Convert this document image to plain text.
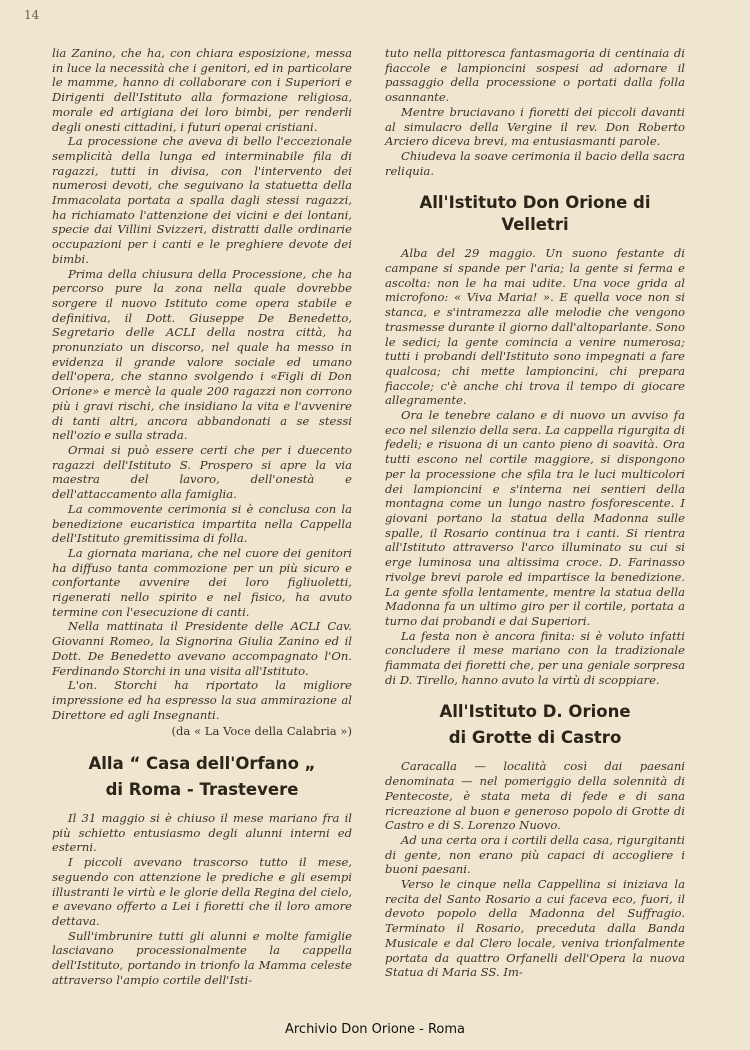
14

lia Zanino, che ha, con chiara esposizione, messa in luce la necessità che i genitori, ed in particolare le mamme, hanno di collaborare con i Superiori e Dirigenti dell'Istituto alla formazione religiosa, morale ed artigiana dei loro bimbi, per renderli degli onesti cittadini, i futuri operai cristiani.

La processione che aveva di bello l'eccezionale semplicità della lunga ed interminabile fila di ragazzi, tutti in divisa, con l'intervento dei numerosi devoti, che seguivano la statuetta della Immacolata portata a spalla dagli stessi ragazzi, ha richiamato l'attenzione dei vicini e dei lontani, specie dai Villini Svizzeri, distratti dalle ordinarie occupazioni per i canti e le preghiere devote dei bimbi.

Prima della chiusura della Processione, che ha percorso pure la zona nella quale dovrebbe sorgere il nuovo Istituto come opera stabile e definitiva, il Dott. Giuseppe De Benedetto, Segretario delle ACLI della nostra città, ha pronunziato un discorso, nel quale ha messo in evidenza il grande valore sociale ed umano dell'opera, che stanno svolgendo i «Figli di Don Orione» e mercè la quale 200 ragazzi non corrono più i gravi rischi, che insidiano la vita e l'avvenire di tanti altri, ancora abbandonati a se stessi nell'ozio e sulla strada.

Ormai si può essere certi che per i duecento ragazzi dell'Istituto S. Prospero si apre la via maestra del lavoro, dell'onestà e dell'attaccamento alla famiglia.

La commovente cerimonia si è conclusa con la benedizione eucaristica impartita nella Cappella dell'Istituto gremitissima di folla.

La giornata mariana, che nel cuore dei genitori ha diffuso tanta commozione per un più sicuro e confortante avvenire dei loro figliuoletti, rigenerati nello spirito e nel fisico, ha avuto termine con l'esecuzione di canti.

Nella mattinata il Presidente delle ACLI Cav. Giovanni Romeo, la Signorina Giulia Zanino ed il Dott. De Benedetto avevano accompagnato l'On. Ferdinando Storchi in una visita all'Istituto.

L'on. Storchi ha riportato la migliore impressione ed ha espresso la sua ammirazione al Direttore ed agli Insegnanti.

(da « La Voce della Calabria »)

Alla “ Casa dell'Orfano „
di Roma - Trastevere

Il 31 maggio si è chiuso il mese mariano fra il più schietto entusiasmo degli alunni interni ed esterni.

I piccoli avevano trascorso tutto il mese, seguendo con attenzione le prediche e gli esempi illustranti le virtù e le glorie della Regina del cielo, e avevano offerto a Lei i fioretti che il loro amore dettava.

Sull'imbrunire tutti gli alunni e molte famiglie lasciavano processionalmente la cappella dell'Istituto, portando in trionfo la Mamma celeste attraverso l'ampio cortile dell'Isti-

tuto nella pittoresca fantasmagoria di centinaia di fiaccole e lampioncini sospesi ad adornare il passaggio della processione o portati dalla folla osannante.

Mentre bruciavano i fioretti dei piccoli davanti al simulacro della Vergine il rev. Don Roberto Arciero diceva brevi, ma entusiasmanti parole.

Chiudeva la soave cerimonia il bacio della sacra reliquia.

All'Istituto Don Orione di Velletri

Alba del 29 maggio. Un suono festante di campane si spande per l'aria; la gente si ferma e ascolta: non le ha mai udite. Una voce grida al microfono: « Viva Maria! ». E quella voce non si stanca, e s'intramezza alle melodie che vengono trasmesse durante il giorno dall'altoparlante. Sono le sedici; la gente comincia a venire numerosa; tutti i probandi dell'Istituto sono impegnati a fare qualcosa; chi mette lampioncini, chi prepara fiaccole; c'è anche chi trova il tempo di giocare allegramente.

Ora le tenebre calano e di nuovo un avviso fa eco nel silenzio della sera. La cappella rigurgita di fedeli; e risuona di un canto pieno di soavità. Ora tutti escono nel cortile maggiore, si dispongono per la processione che sfila tra le luci multicolori dei lampioncini e s'interna nei sentieri della montagna come un lungo nastro fosforescente. I giovani portano la statua della Madonna sulle spalle, il Rosario continua tra i canti. Si rientra all'Istituto attraverso l'arco illuminato su cui si erge luminosa una altissima croce. D. Farinasso rivolge brevi parole ed impartisce la benedizione. La gente sfolla lentamente, mentre la statua della Madonna fa un ultimo giro per il cortile, portata a turno dai probandi e dai Superiori.

La festa non è ancora finita: si è voluto infatti concludere il mese mariano con la tradizionale fiammata dei fioretti che, per una geniale sorpresa di D. Tirello, hanno avuto la virtù di scoppiare.

All'Istituto D. Orione
di Grotte di Castro

Caracalla — località così dai paesani denominata — nel pomeriggio della solennità di Pentecoste, è stata meta di fede e di sana ricreazione al buon e generoso popolo di Grotte di Castro e di S. Lorenzo Nuovo.

Ad una certa ora i cortili della casa, rigurgitanti di gente, non erano più capaci di accogliere i buoni paesani.

Verso le cinque nella Cappellina si iniziava la recita del Santo Rosario a cui faceva eco, fuori, il devoto popolo della Madonna del Suffragio. Terminato il Rosario, preceduta dalla Banda Musicale e dal Clero locale, veniva trionfalmente portata da quattro Orfanelli dell'Opera la nuova Statua di Maria SS. Im-

Archivio Don Orione - Roma
